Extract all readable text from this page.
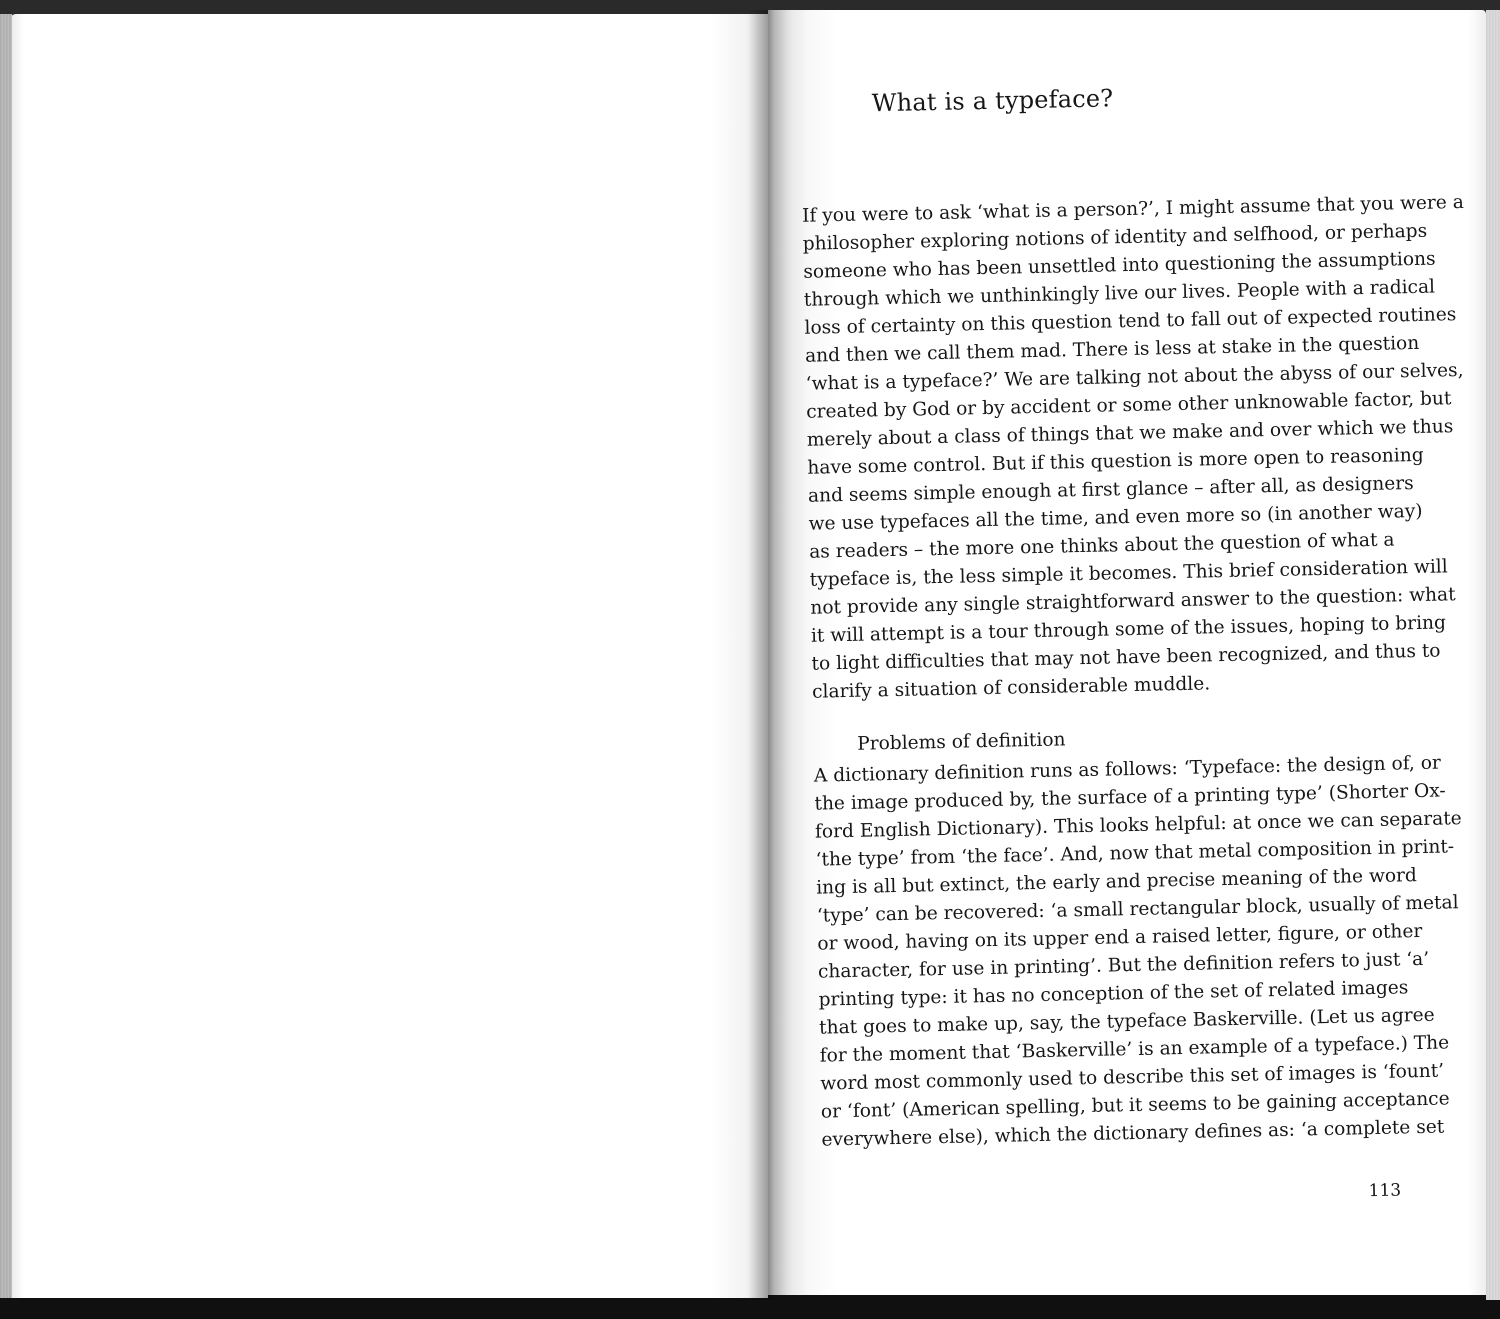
What is a typeface?

If you were to ask ‘what is a person?’, I might assume that you were a
philosopher exploring notions of identity and selfhood, or perhaps
someone who has been unsettled into questioning the assumptions
through which we unthinkingly live our lives. People with a radical
loss of certainty on this question tend to fall out of expected routines
and then we call them mad. There is less at stake in the question
‘what is a typeface?’ We are talking not about the abyss of our selves,
created by God or by accident or some other unknowable factor, but
merely about a class of things that we make and over which we thus
have some control. But if this question is more open to reasoning
and seems simple enough at first glance – after all, as designers
we use typefaces all the time, and even more so (in another way)
as readers – the more one thinks about the question of what a
typeface is, the less simple it becomes. This brief consideration will
not provide any single straightforward answer to the question: what
it will attempt is a tour through some of the issues, hoping to bring
to light difficulties that may not have been recognized, and thus to
clarify a situation of considerable muddle.

Problems of definition

A dictionary definition runs as follows: ‘Typeface: the design of, or
the image produced by, the surface of a printing type’ (Shorter Ox-
ford English Dictionary). This looks helpful: at once we can separate
‘the type’ from ‘the face’. And, now that metal composition in print-
ing is all but extinct, the early and precise meaning of the word
‘type’ can be recovered: ‘a small rectangular block, usually of metal
or wood, having on its upper end a raised letter, figure, or other
character, for use in printing’. But the definition refers to just ‘a’
printing type: it has no conception of the set of related images
that goes to make up, say, the typeface Baskerville. (Let us agree
for the moment that ‘Baskerville’ is an example of a typeface.) The
word most commonly used to describe this set of images is ‘fount’
or ‘font’ (American spelling, but it seems to be gaining acceptance
everywhere else), which the dictionary defines as: ‘a complete set

113
